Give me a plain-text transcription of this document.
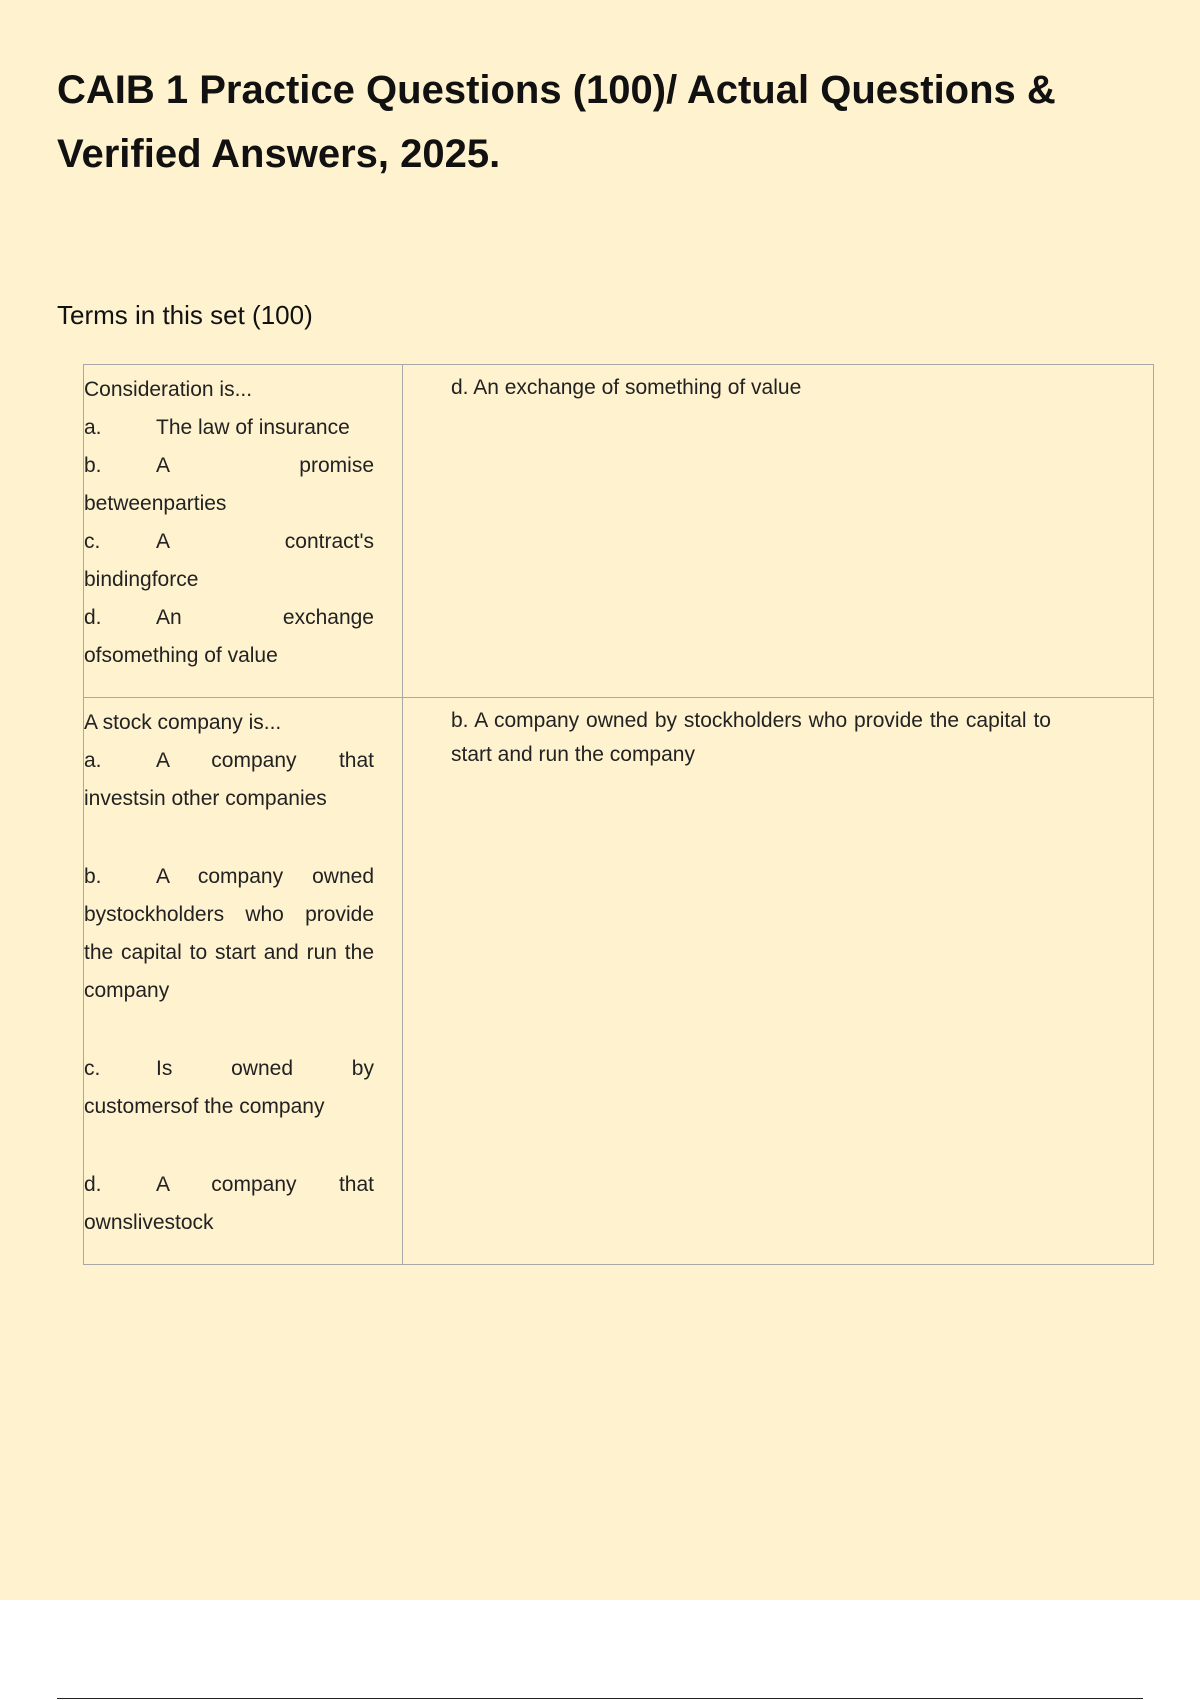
CAIB 1 Practice Questions (100)/ Actual Questions & Verified Answers, 2025.
Terms in this set (100)
Consideration is...
a. The law of insurance
b. A promise betweenparties
c. A contract's bindingforce
d. An exchange ofsomething of value	d. An exchange of something of value

A stock company is...
a. A company that investsin other companies
b. A company owned bystockholders who provide the capital to start and run the company
c. Is owned by customersof the company
d. A company that ownslivestock	b. A company owned by stockholders who provide the capital to start and run the company
